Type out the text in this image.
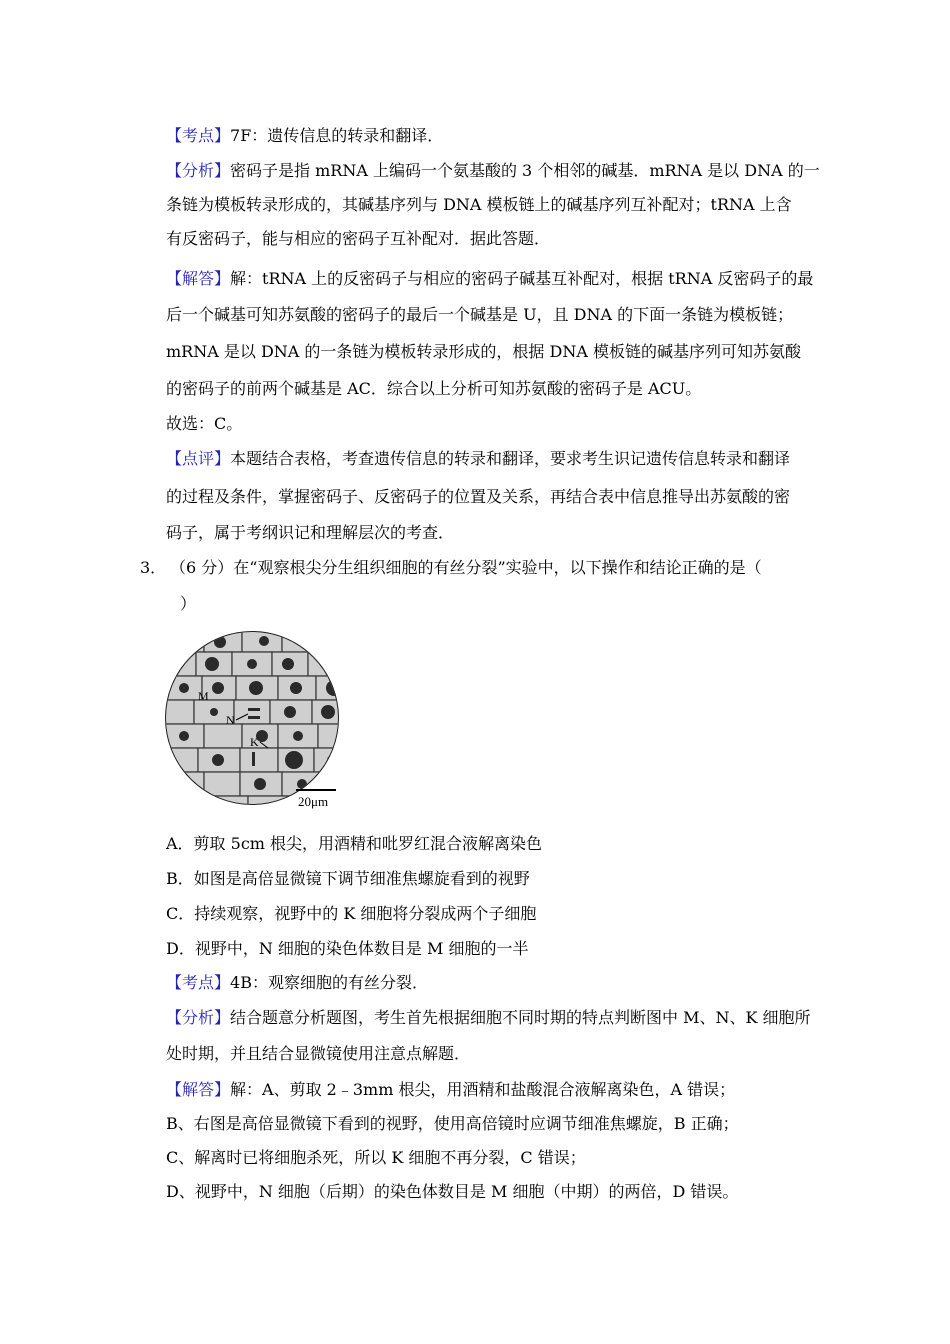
【考点】7F：遗传信息的转录和翻译．
【分析】密码子是指 mRNA 上编码一个氨基酸的 3 个相邻的碱基．mRNA 是以 DNA 的一
条链为模板转录形成的，其碱基序列与 DNA 模板链上的碱基序列互补配对；tRNA 上含
有反密码子，能与相应的密码子互补配对．据此答题．
【解答】解：tRNA 上的反密码子与相应的密码子碱基互补配对，根据 tRNA 反密码子的最
后一个碱基可知苏氨酸的密码子的最后一个碱基是 U，且 DNA 的下面一条链为模板链；
mRNA 是以 DNA 的一条链为模板转录形成的，根据 DNA 模板链的碱基序列可知苏氨酸
的密码子的前两个碱基是 AC．综合以上分析可知苏氨酸的密码子是 ACU。
故选：C。
【点评】本题结合表格，考查遗传信息的转录和翻译，要求考生识记遗传信息转录和翻译
的过程及条件，掌握密码子、反密码子的位置及关系，再结合表中信息推导出苏氨酸的密
码子，属于考纲识记和理解层次的考查．
3． （6 分）在“观察根尖分生组织细胞的有丝分裂”实验中，以下操作和结论正确的是（
）
M
N
K
20μm
A．剪取 5cm 根尖，用酒精和吡罗红混合液解离染色
B．如图是高倍显微镜下调节细准焦螺旋看到的视野
C．持续观察，视野中的 K 细胞将分裂成两个子细胞
D．视野中，N 细胞的染色体数目是 M 细胞的一半
【考点】4B：观察细胞的有丝分裂．
【分析】结合题意分析题图，考生首先根据细胞不同时期的特点判断图中 M、N、K 细胞所
处时期，并且结合显微镜使用注意点解题．
【解答】解：A、剪取 2﹣3mm 根尖，用酒精和盐酸混合液解离染色，A 错误；
B、右图是高倍显微镜下看到的视野，使用高倍镜时应调节细准焦螺旋，B 正确；
C、解离时已将细胞杀死，所以 K 细胞不再分裂，C 错误；
D、视野中，N 细胞（后期）的染色体数目是 M 细胞（中期）的两倍，D 错误。
